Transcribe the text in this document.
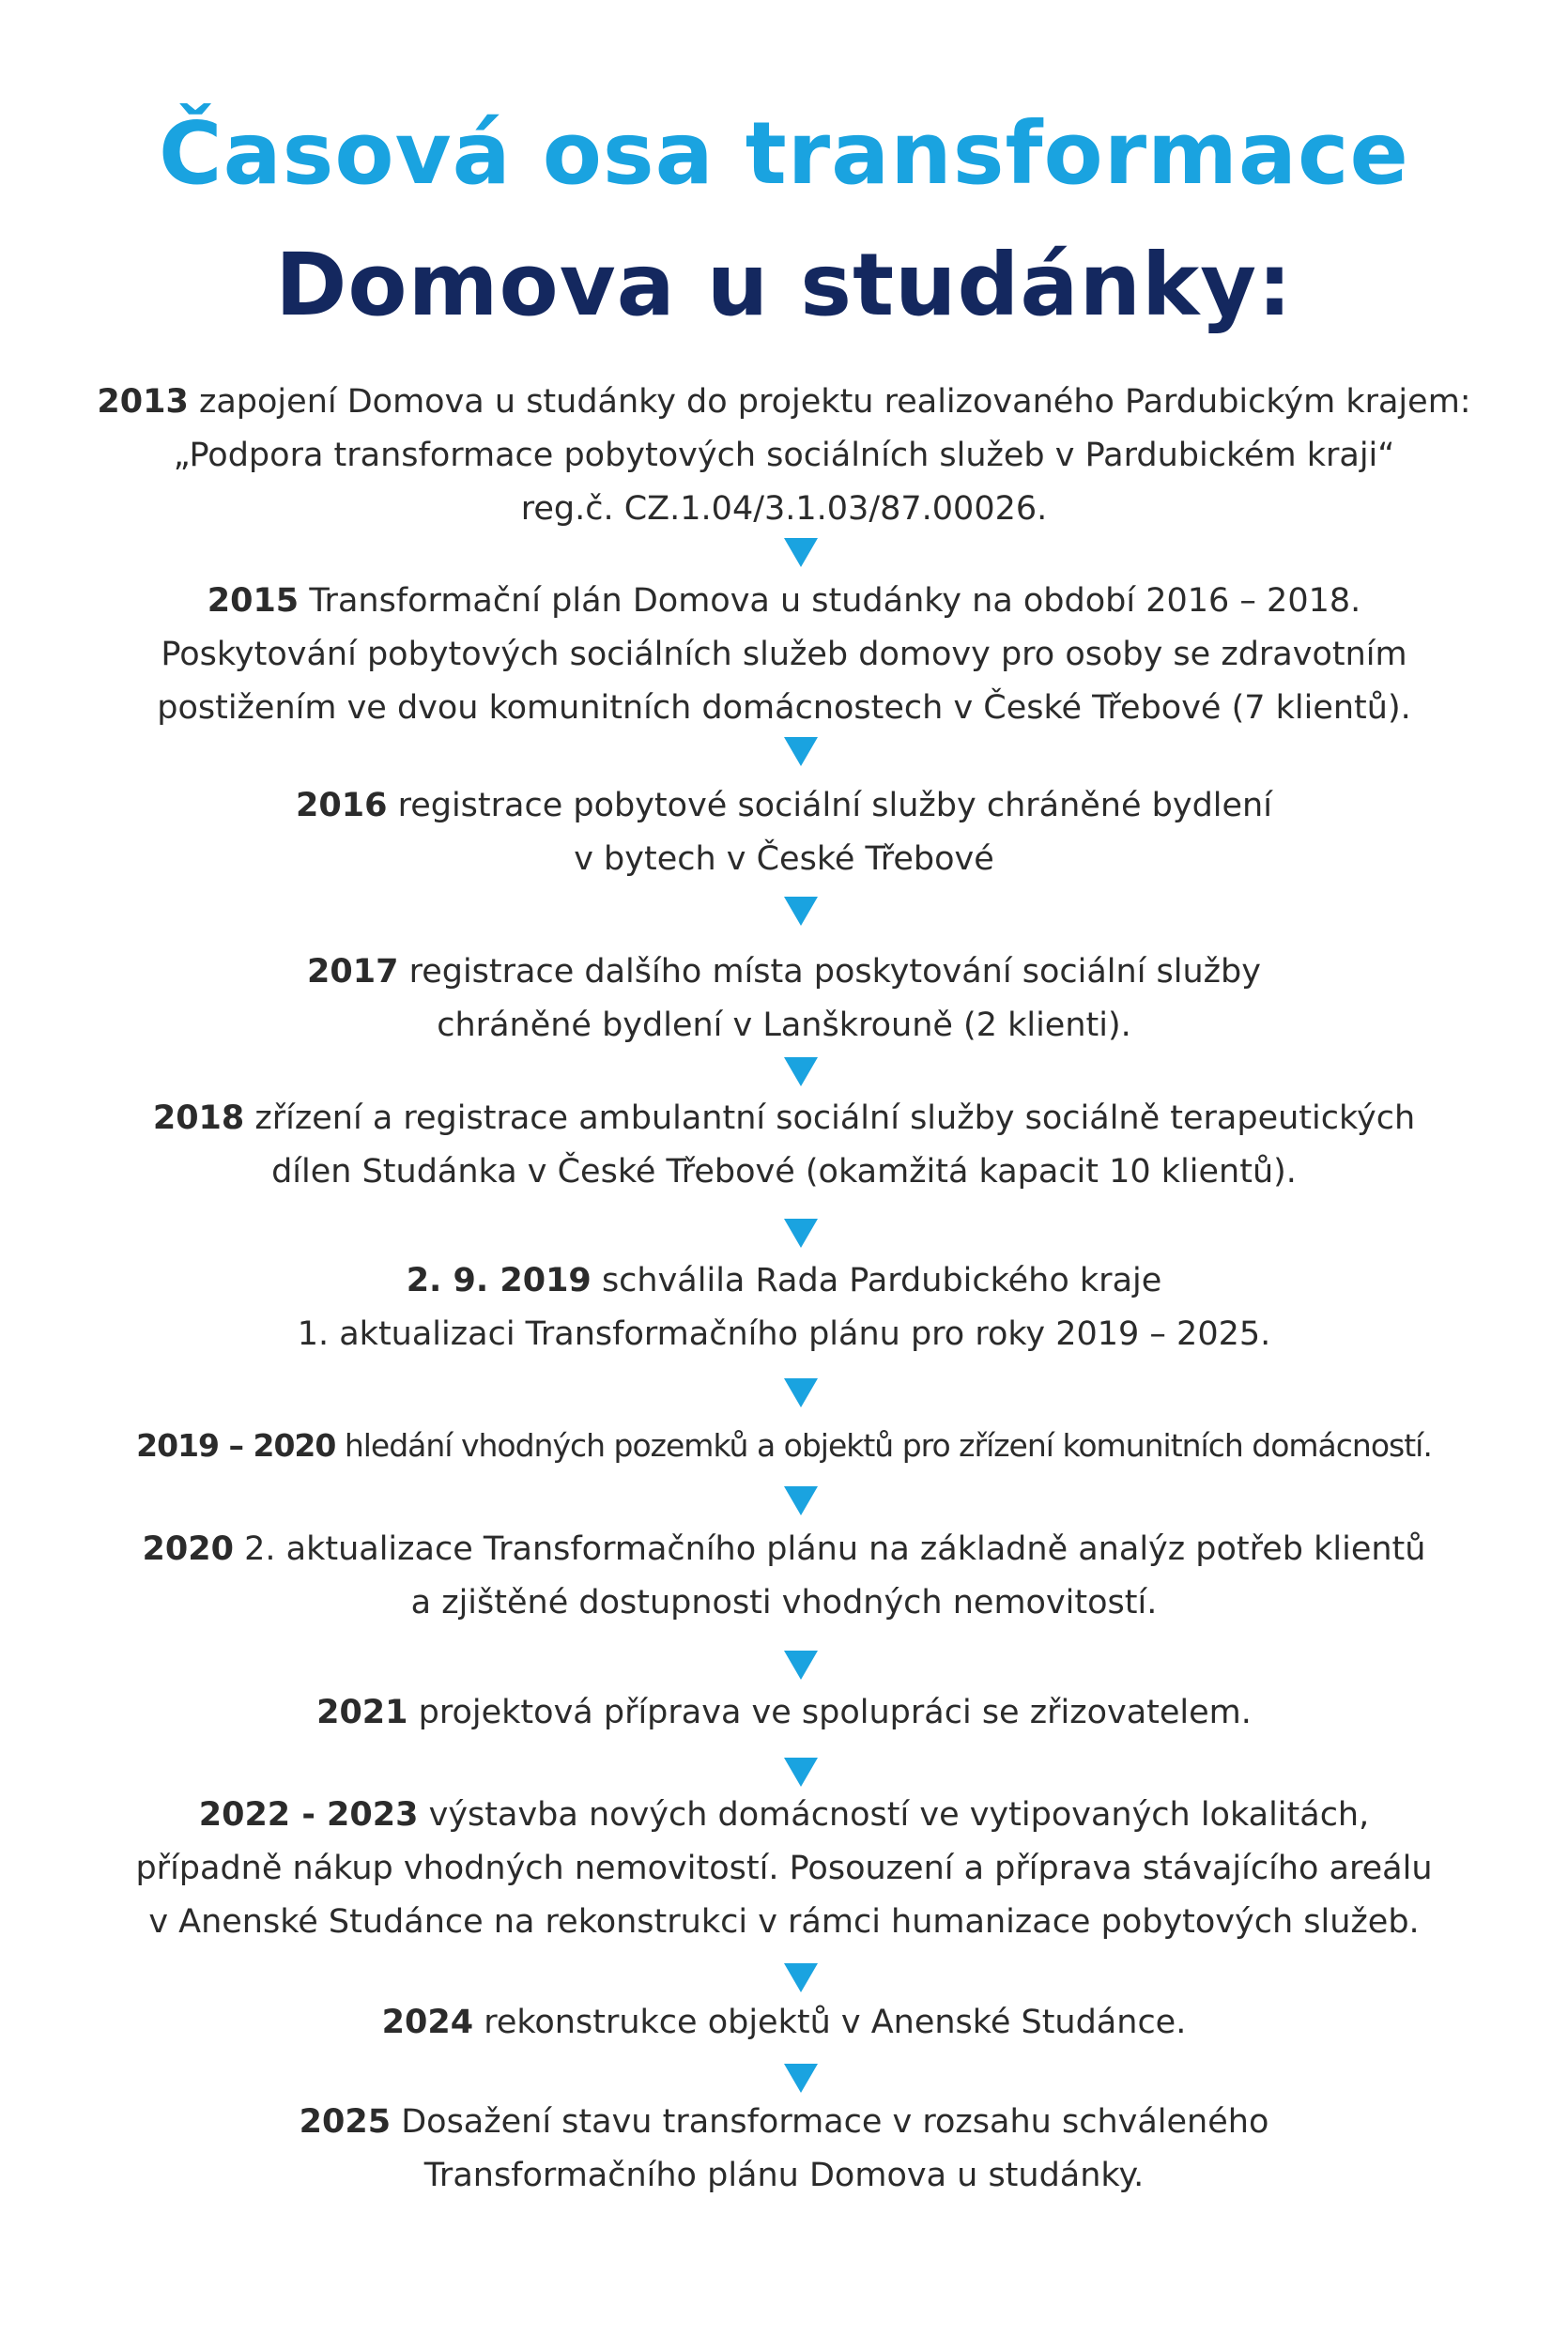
Časová osa transformace
Domova u studánky:
2013 zapojení Domova u studánky do projektu realizovaného Pardubickým krajem:
„Podpora transformace pobytových sociálních služeb v Pardubickém kraji“
reg.č. CZ.1.04/3.1.03/87.00026.
2015 Transformační plán Domova u studánky na období 2016 – 2018.
Poskytování pobytových sociálních služeb domovy pro osoby se zdravotním
postižením ve dvou komunitních domácnostech v České Třebové (7 klientů).
2016 registrace pobytové sociální služby chráněné bydlení
v bytech v České Třebové
2017 registrace dalšího místa poskytování sociální služby
chráněné bydlení v Lanškrouně (2 klienti).
2018 zřízení a registrace ambulantní sociální služby sociálně terapeutických
dílen Studánka v České Třebové (okamžitá kapacit 10 klientů).
2. 9. 2019 schválila Rada Pardubického kraje
1. aktualizaci Transformačního plánu pro roky 2019 – 2025.
2019 – 2020 hledání vhodných pozemků a objektů pro zřízení komunitních domácností.
2020 2. aktualizace Transformačního plánu na základně analýz potřeb klientů
a zjištěné dostupnosti vhodných nemovitostí.
2021 projektová příprava ve spolupráci se zřizovatelem.
2022 - 2023 výstavba nových domácností ve vytipovaných lokalitách,
případně nákup vhodných nemovitostí. Posouzení a příprava stávajícího areálu
v Anenské Studánce na rekonstrukci v rámci humanizace pobytových služeb.
2024 rekonstrukce objektů v Anenské Studánce.
2025 Dosažení stavu transformace v rozsahu schváleného
Transformačního plánu Domova u studánky.
